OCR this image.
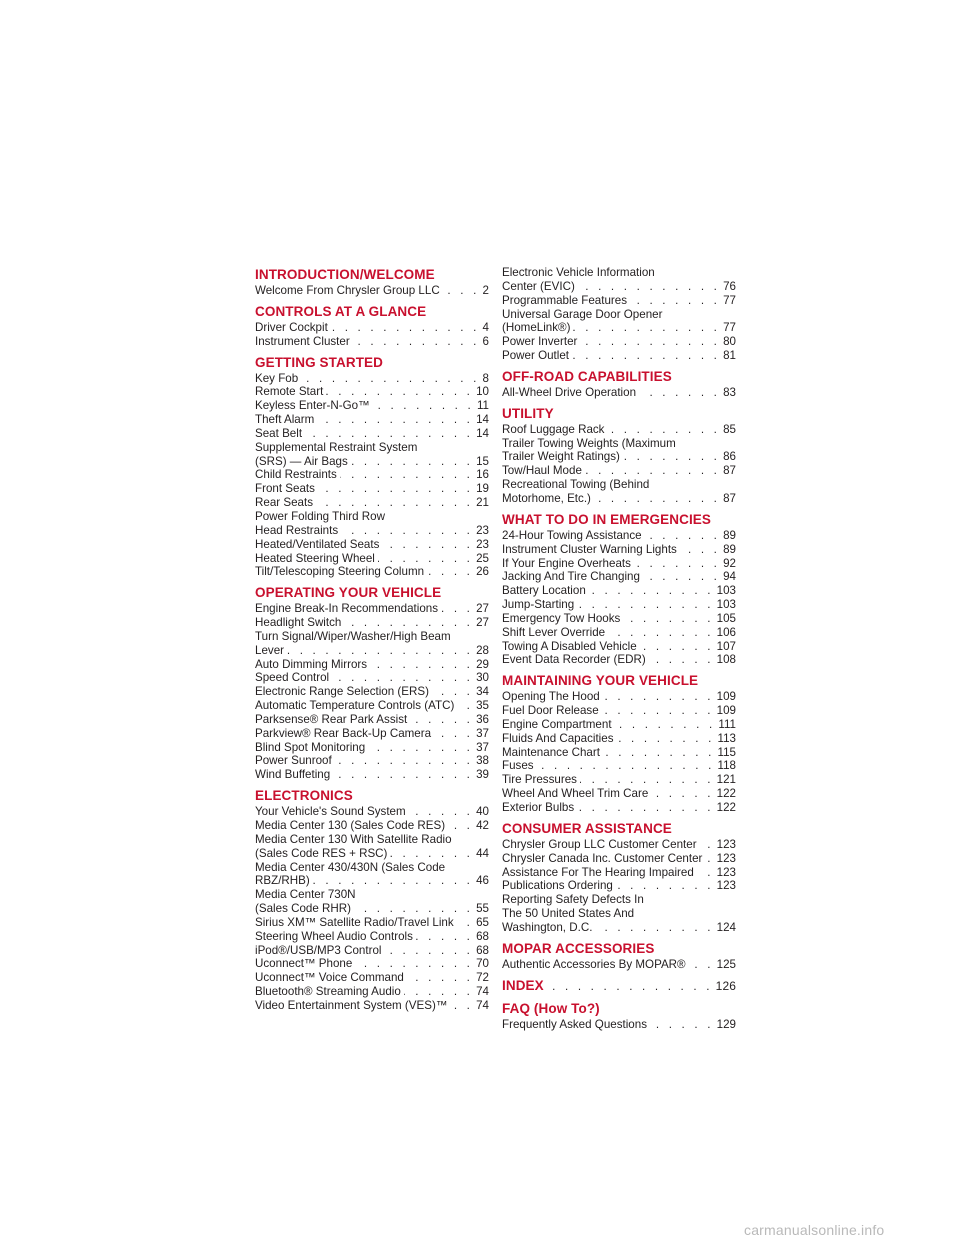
INTRODUCTION/WELCOME
Welcome From Chrysler Group LLC . . .	2
CONTROLS AT A GLANCE
Driver Cockpit . . .	4
Instrument Cluster . . .	6
GETTING STARTED
Key Fob . . .	8
Remote Start . . .	10
Keyless Enter-N-Go™ . . .	11
Theft Alarm . . .	14
Seat Belt . . .	14
Supplemental Restraint System
(SRS) — Air Bags . . .	15
Child Restraints . . .	16
Front Seats . . .	19
Rear Seats . . .	21
Power Folding Third Row
Head Restraints . . .	23
Heated/Ventilated Seats . . .	23
Heated Steering Wheel . . .	25
Tilt/Telescoping Steering Column . . .	26
OPERATING YOUR VEHICLE
Engine Break-In Recommendations . . .	27
Headlight Switch . . .	27
Turn Signal/Wiper/Washer/High Beam
Lever . . .	28
Auto Dimming Mirrors . . .	29
Speed Control . . .	30
Electronic Range Selection (ERS) . . .	34
Automatic Temperature Controls (ATC) . . . 35
Parksense® Rear Park Assist . . .	36
Parkview® Rear Back-Up Camera . . .	37
Blind Spot Monitoring . . .	37
Power Sunroof . . .	38
Wind Buffeting . . .	39
ELECTRONICS
Your Vehicle's Sound System . . .	40
Media Center 130 (Sales Code RES) . . .	42
Media Center 130 With Satellite Radio
(Sales Code RES + RSC) . . .	44
Media Center 430/430N (Sales Code
RBZ/RHB) . . .	46
Media Center 730N
(Sales Code RHR) . . .	55
Sirius XM™ Satellite Radio/Travel Link . . . 65
Steering Wheel Audio Controls . . .	68
iPod®/USB/MP3 Control . . .	68
Uconnect™ Phone . . .	70
Uconnect™ Voice Command . . .	72
Bluetooth® Streaming Audio . . .	74
Video Entertainment System (VES)™ . . . 74
Electronic Vehicle Information
Center (EVIC) . . .	76
Programmable Features . . .	77
Universal Garage Door Opener
(HomeLink®) . . .	77
Power Inverter . . .	80
Power Outlet . . .	81
OFF-ROAD CAPABILITIES
All-Wheel Drive Operation . . .	83
UTILITY
Roof Luggage Rack . . .	85
Trailer Towing Weights (Maximum
Trailer Weight Ratings) . . .	86
Tow/Haul Mode . . .	87
Recreational Towing (Behind
Motorhome, Etc.) . . .	87
WHAT TO DO IN EMERGENCIES
24-Hour Towing Assistance . . .	89
Instrument Cluster Warning Lights . . .	89
If Your Engine Overheats . . .	92
Jacking And Tire Changing . . .	94
Battery Location . . .	103
Jump-Starting . . .	103
Emergency Tow Hooks . . .	105
Shift Lever Override . . .	106
Towing A Disabled Vehicle . . .	107
Event Data Recorder (EDR) . . .	108
MAINTAINING YOUR VEHICLE
Opening The Hood . . .	109
Fuel Door Release . . .	109
Engine Compartment . . .	111
Fluids And Capacities . . .	113
Maintenance Chart . . .	115
Fuses . . .	118
Tire Pressures . . .	121
Wheel And Wheel Trim Care . . .	122
Exterior Bulbs . . .	122
CONSUMER ASSISTANCE
Chrysler Group LLC Customer Center . . . 123
Chrysler Canada Inc. Customer Center . . . 123
Assistance For The Hearing Impaired . . . 123
Publications Ordering . . .	123
Reporting Safety Defects In
The 50 United States And
Washington, D.C. . . .	124
MOPAR ACCESSORIES
Authentic Accessories By MOPAR® . . .	125
INDEX . . .	126
FAQ (How To?)
Frequently Asked Questions . . .	129
carmanualsonline.info
